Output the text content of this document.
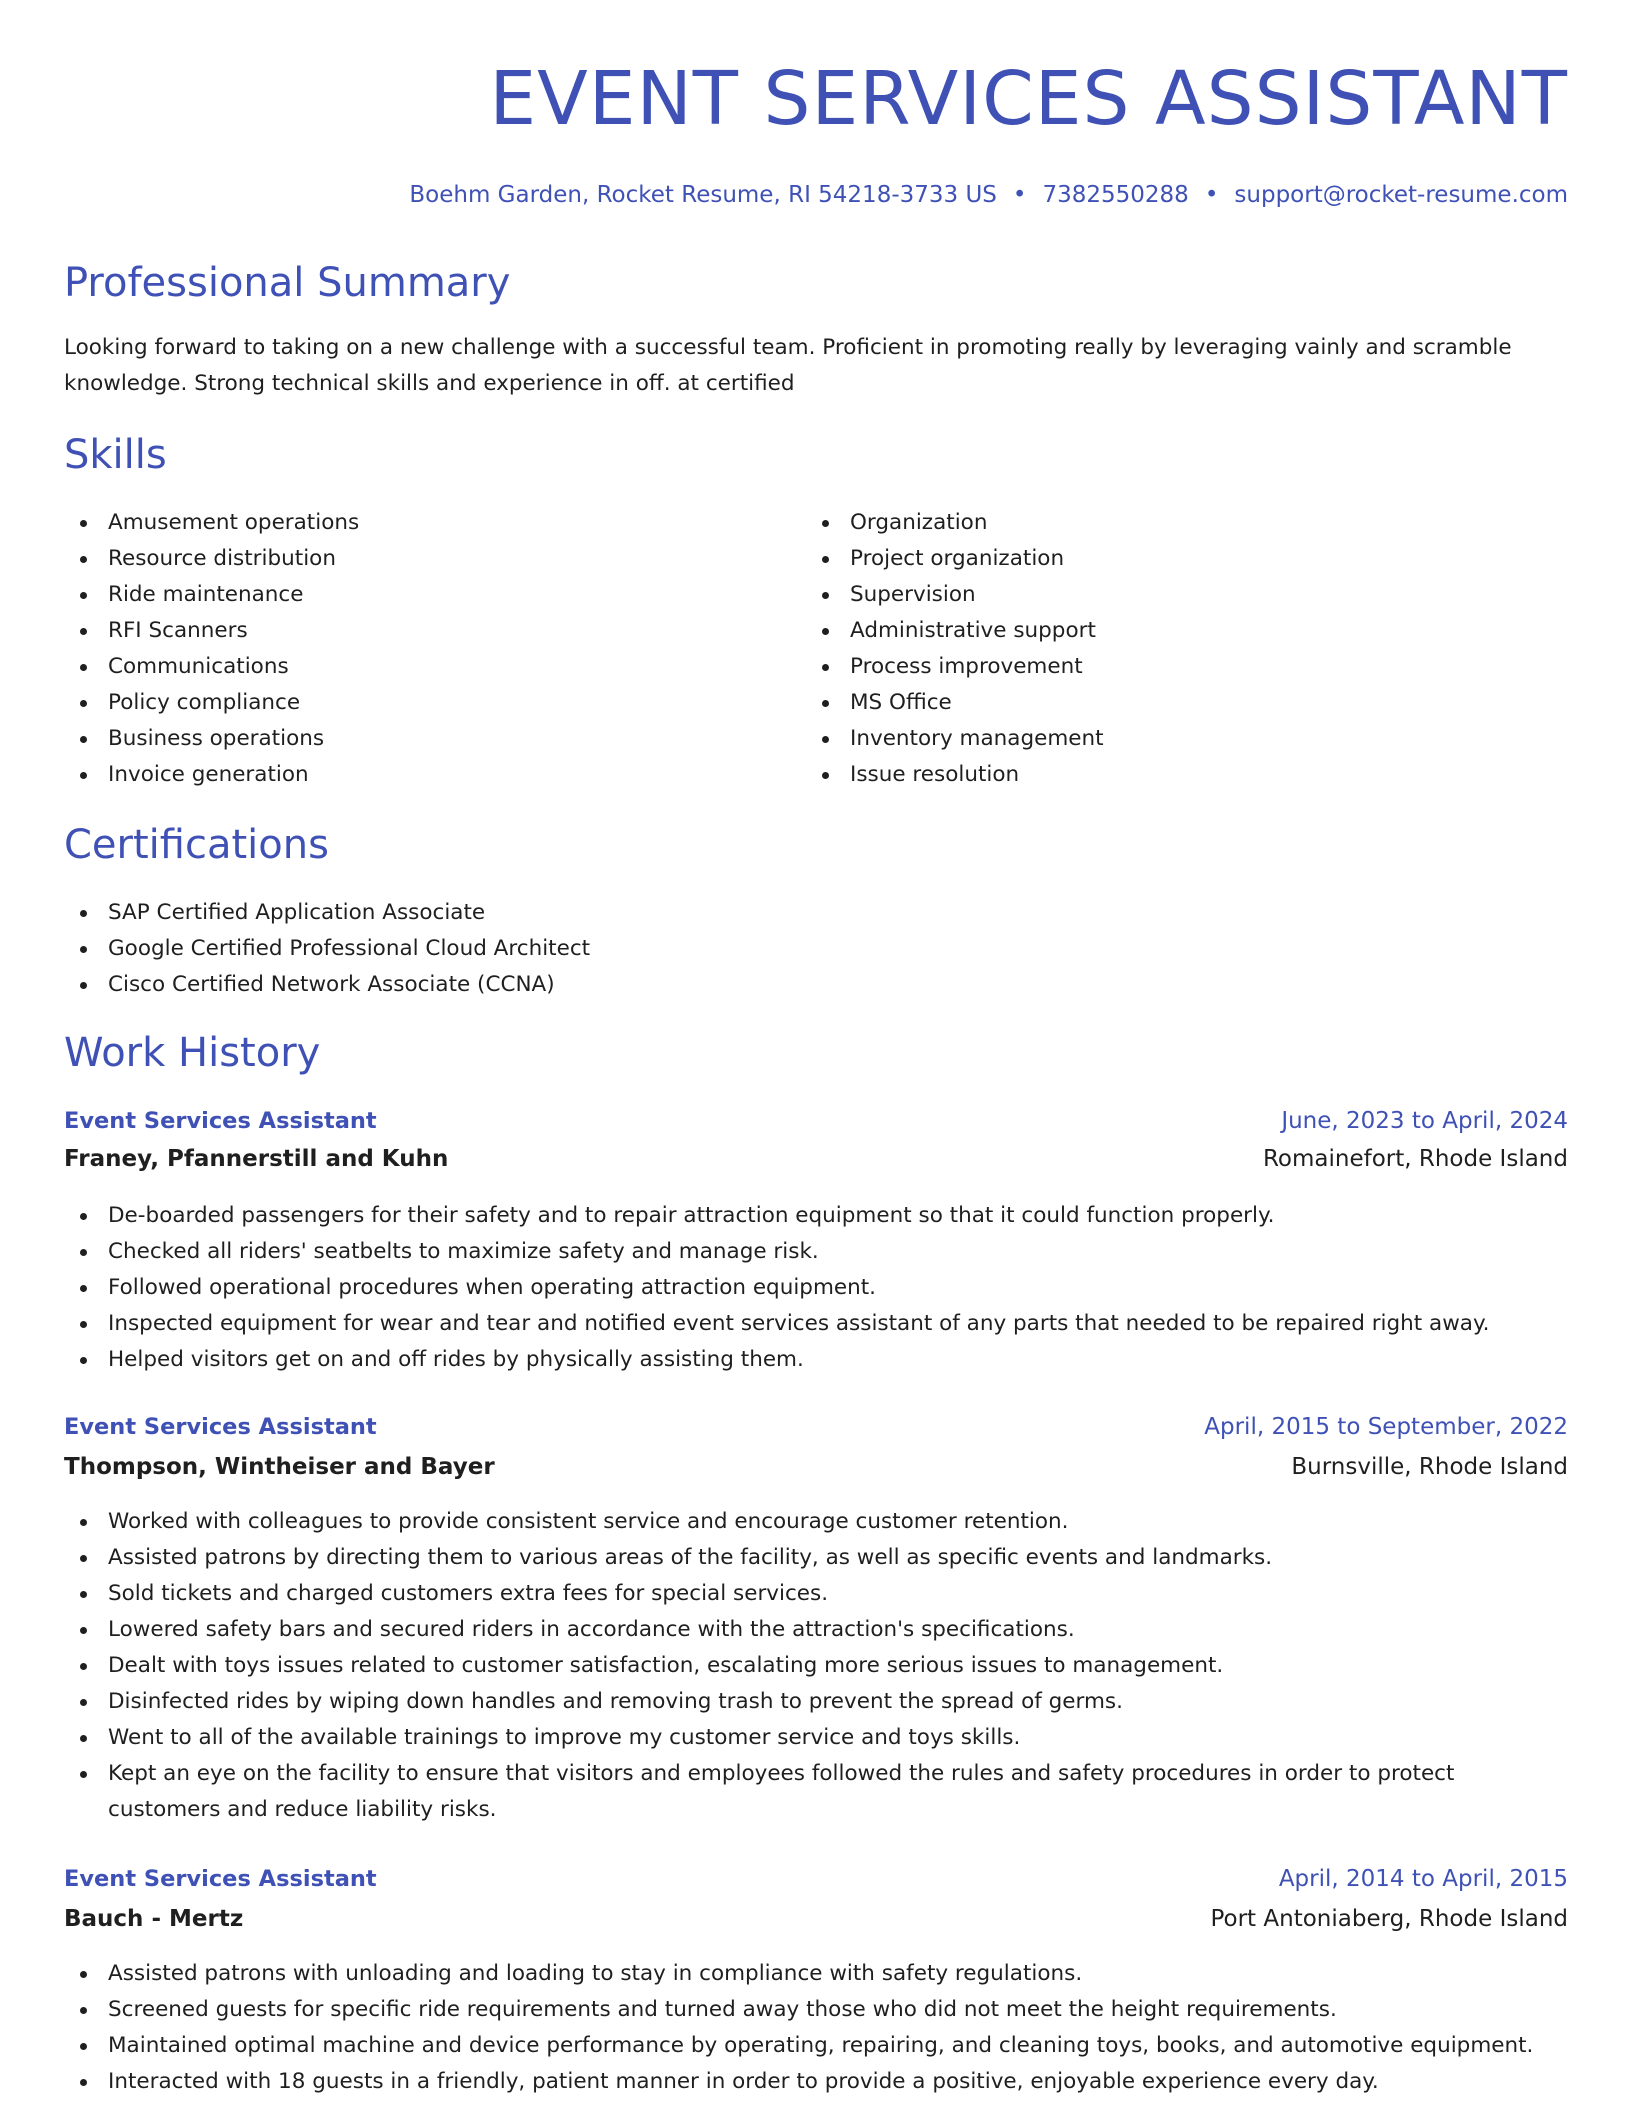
EVENT SERVICES ASSISTANT
Boehm Garden, Rocket Resume, RI 54218-3733 US • 7382550288 • support@rocket-resume.com
Professional Summary

Looking forward to taking on a new challenge with a successful team. Proficient in promoting really by leveraging vainly and scramble knowledge. Strong technical skills and experience in off. at certified

Skills
Amusement operations
Resource distribution
Ride maintenance
RFI Scanners
Communications
Policy compliance
Business operations
Invoice generation
Organization
Project organization
Supervision
Administrative support
Process improvement
MS Office
Inventory management
Issue resolution
Certifications
SAP Certified Application Associate
Google Certified Professional Cloud Architect
Cisco Certified Network Associate (CCNA)
Work History
Event Services Assistant	June, 2023 to April, 2024
Franey, Pfannerstill and Kuhn	Romainefort, Rhode Island
De-boarded passengers for their safety and to repair attraction equipment so that it could function properly.
Checked all riders' seatbelts to maximize safety and manage risk.
Followed operational procedures when operating attraction equipment.
Inspected equipment for wear and tear and notified event services assistant of any parts that needed to be repaired right away.
Helped visitors get on and off rides by physically assisting them.
Event Services Assistant	April, 2015 to September, 2022
Thompson, Wintheiser and Bayer	Burnsville, Rhode Island
Worked with colleagues to provide consistent service and encourage customer retention.
Assisted patrons by directing them to various areas of the facility, as well as specific events and landmarks.
Sold tickets and charged customers extra fees for special services.
Lowered safety bars and secured riders in accordance with the attraction's specifications.
Dealt with toys issues related to customer satisfaction, escalating more serious issues to management.
Disinfected rides by wiping down handles and removing trash to prevent the spread of germs.
Went to all of the available trainings to improve my customer service and toys skills.
Kept an eye on the facility to ensure that visitors and employees followed the rules and safety procedures in order to protect customers and reduce liability risks.
Event Services Assistant	April, 2014 to April, 2015
Bauch - Mertz	Port Antoniaberg, Rhode Island
Assisted patrons with unloading and loading to stay in compliance with safety regulations.
Screened guests for specific ride requirements and turned away those who did not meet the height requirements.
Maintained optimal machine and device performance by operating, repairing, and cleaning toys, books, and automotive equipment.
Interacted with 18 guests in a friendly, patient manner in order to provide a positive, enjoyable experience every day.
